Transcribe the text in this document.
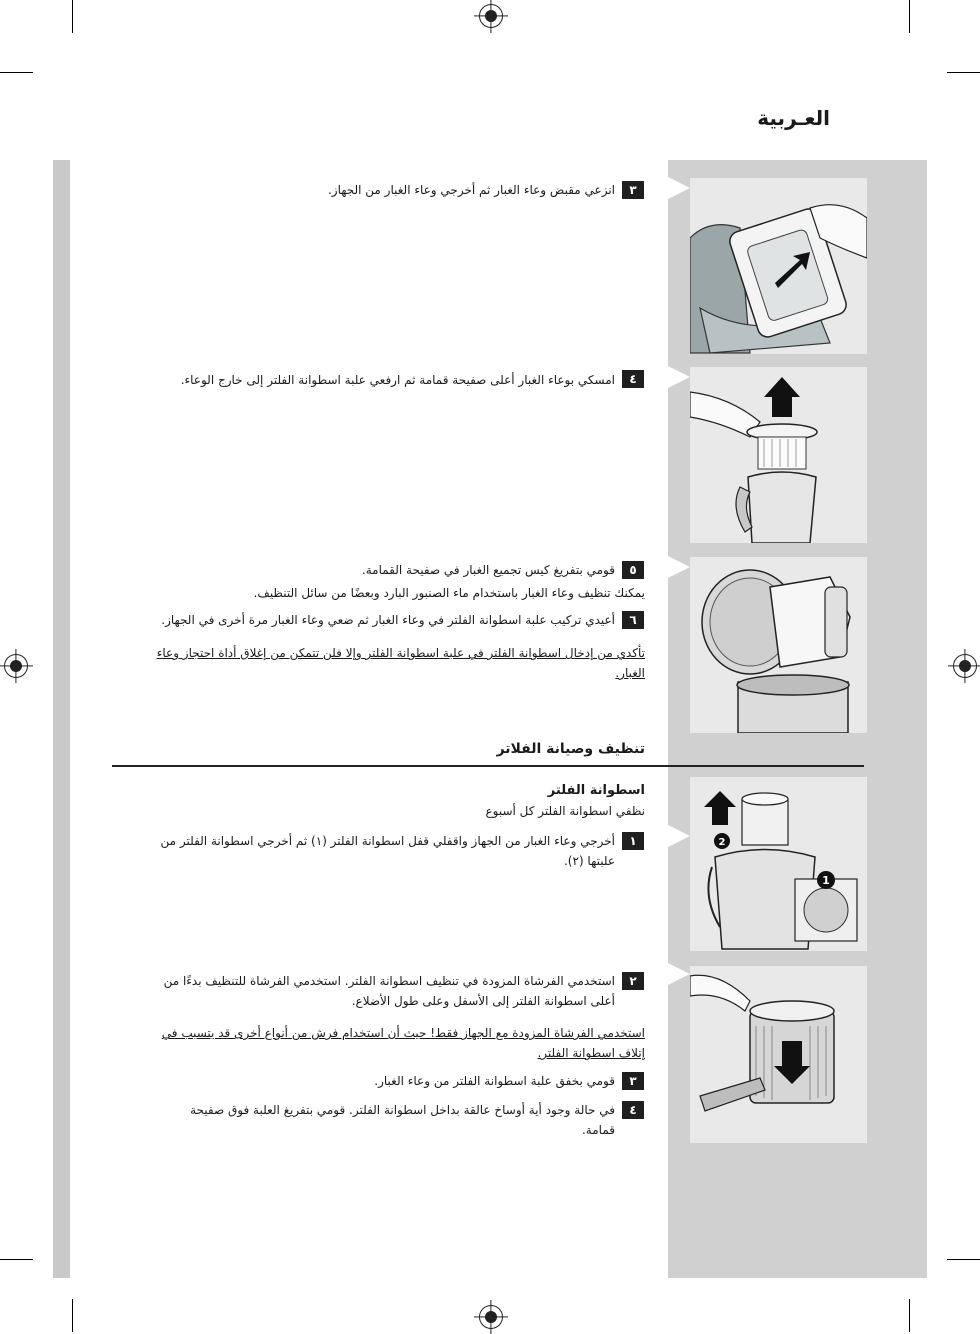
العـربية
1
2
٣
انزعي مقبض وعاء الغبار ثم أخرجي وعاء الغبار من الجهاز.
٤
امسكي بوعاء الغبار أعلى صفيحة قمامة ثم ارفعي علبة اسطوانة الفلتر إلى خارج الوعاء.
٥
قومي بتفريغ كيس تجميع الغبار في صفيحة القمامة.
يمكنك تنظيف وعاء الغبار باستخدام ماء الصنبور البارد وبعضًا من سائل التنظيف.
٦
أعيدي تركيب علبة اسطوانة الفلتر في وعاء الغبار ثم ضعي وعاء الغبار مرة أخرى في الجهاز.
تأكدي من إدخال اسطوانة الفلتر في علبة اسطوانة الفلتر وإلا فلن تتمكن من إغلاق أداة احتجاز وعاء
الغبار.
تنظيف وصيانة الفلاتر
اسطوانة الفلتر
نظفي اسطوانة الفلتر كل أسبوع
١
أخرجي وعاء الغبار من الجهاز واقفلي قفل اسطوانة الفلتر (١) ثم أخرجي اسطوانة الفلتر من
علبتها (٢).
٢
استخدمي الفرشاة المزودة في تنظيف اسطوانة الفلتر. استخدمي الفرشاة للتنظيف بدءًا من
أعلى اسطوانة الفلتر إلى الأسفل وعلى طول الأضلاع.
استخدمي الفرشاة المزودة مع الجهاز فقط! حيث أن استخدام فرش من أنواع أخرى قد يتسبب في
إتلاف اسطوانة الفلتر.
٣
قومي بخفق علبة اسطوانة الفلتر من وعاء الغبار.
٤
في حالة وجود أية أوساخ عالقة بداخل اسطوانة الفلتر. قومي بتفريغ العلبة فوق صفيحة
قمامة.
